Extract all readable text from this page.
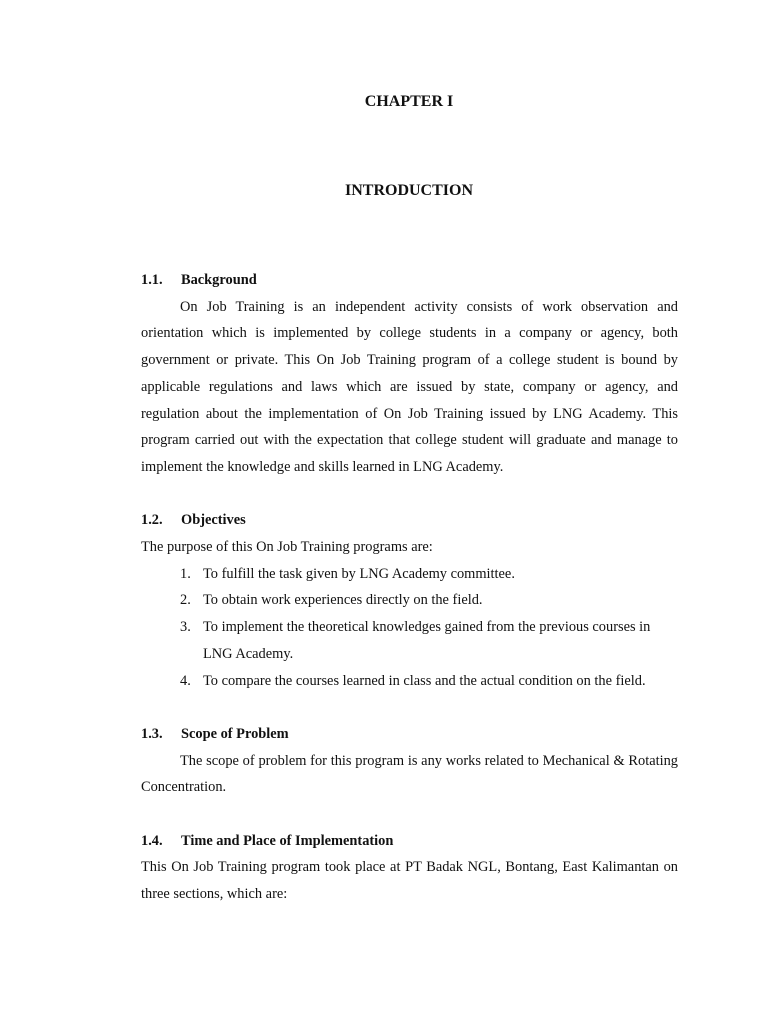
CHAPTER I
INTRODUCTION
1.1.	Background

On Job Training is an independent activity consists of work observation and orientation which is implemented by college students in a company or agency, both government or private. This On Job Training program of a college student is bound by applicable regulations and laws which are issued by state, company or agency, and regulation about the implementation of On Job Training issued by LNG Academy. This program carried out with the expectation that college student will graduate and manage to implement the knowledge and skills learned in LNG Academy.

1.2.	Objectives

The purpose of this On Job Training programs are:

1. To fulfill the task given by LNG Academy committee.
2. To obtain work experiences directly on the field.
3. To implement the theoretical knowledges gained from the previous courses in LNG Academy.
4. To compare the courses learned in class and the actual condition on the field.
1.3.	Scope of Problem

The scope of problem for this program is any works related to Mechanical & Rotating Concentration.

1.4.	Time and Place of Implementation

This On Job Training program took place at PT Badak NGL, Bontang, East Kalimantan on three sections, which are:
